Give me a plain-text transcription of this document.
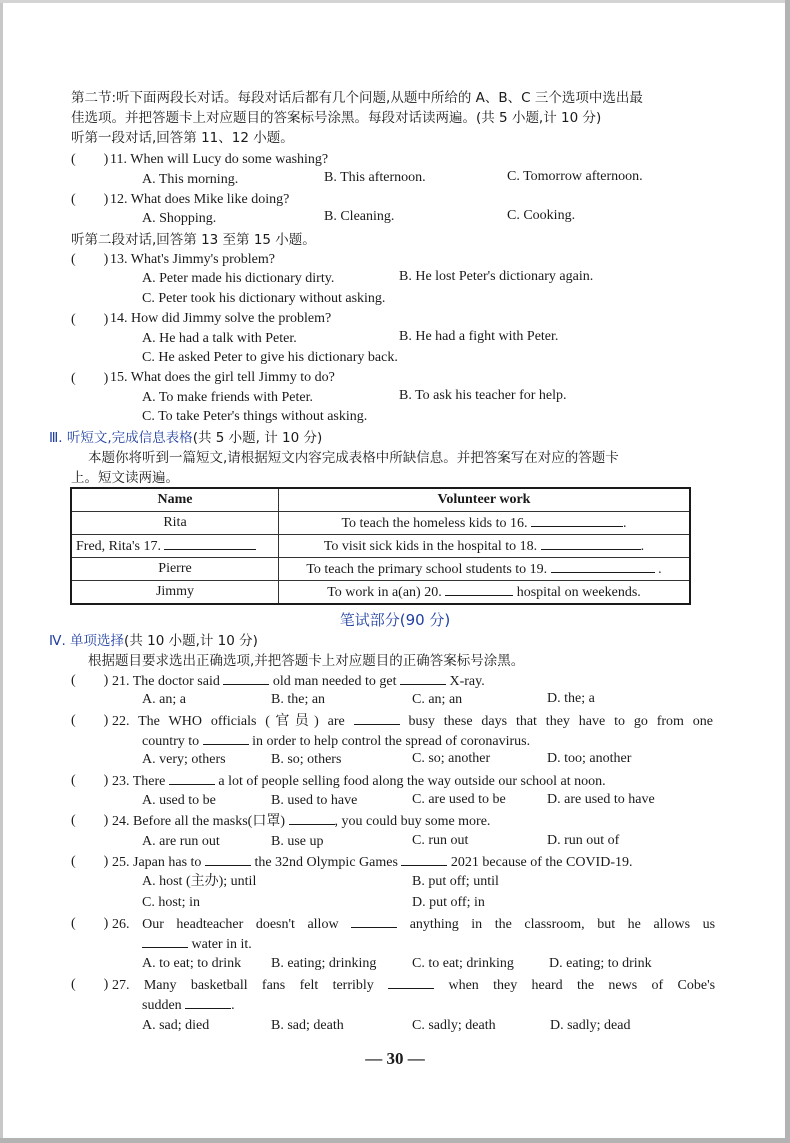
第二节:听下面两段长对话。每段对话后都有几个问题,从题中所给的 A、B、C 三个选项中选出最
佳选项。并把答题卡上对应题目的答案标号涂黑。每段对话读两遍。(共 5 小题,计 10 分)
听第一段对话,回答第 11、12 小题。
(        ) 11. When will Lucy do some washing?
A. This morning.	B. This afternoon.	C. Tomorrow afternoon.
(        ) 12. What does Mike like doing?
A. Shopping.	B. Cleaning.	C. Cooking.
听第二段对话,回答第 13 至第 15 小题。
(        ) 13. What's Jimmy's problem?
A. Peter made his dictionary dirty.	B. He lost Peter's dictionary again.
C. Peter took his dictionary without asking.
(        ) 14. How did Jimmy solve the problem?
A. He had a talk with Peter.	B. He had a fight with Peter.
C. He asked Peter to give his dictionary back.
(        ) 15. What does the girl tell Jimmy to do?
A. To make friends with Peter.	B. To ask his teacher for help.
C. To take Peter's things without asking.
Ⅲ. 听短文,完成信息表格(共 5 小题, 计 10 分)
本题你将听到一篇短文,请根据短文内容完成表格中所缺信息。并把答案写在对应的答题卡
上。短文读两遍。
Name	Volunteer work
Rita	To teach the homeless kids to 16. .
Fred, Rita's 17.	To visit sick kids in the hospital to 18. .
Pierre	To teach the primary school students to 19. .
Jimmy	To work in a(an) 20. hospital on weekends.
笔试部分(90 分)
Ⅳ. 单项选择(共 10 小题,计 10 分)
根据题目要求选出正确选项,并把答题卡上对应题目的正确答案标号涂黑。
(        ) 21. The doctor said	old man needed to get	X-ray.
A. an; a	B. the; an	C. an; an	D. the; a
(        ) 22. The WHO officials (官员) are	busy these days that they have to go from one
country to	in order to help control the spread of coronavirus.
A. very; others	B. so; others	C. so; another	D. too; another
(        ) 23. There	a lot of people selling food along the way outside our school at noon.
A. used to be	B. used to have	C. are used to be	D. are used to have
(        ) 24. Before all the masks(口罩)	, you could buy some more.
A. are run out	B. use up	C. run out	D. run out of
(        ) 25. Japan has to	the 32nd Olympic Games	2021 because of the COVID-19.
A. host (主办); until	B. put off; until
C. host; in	D. put off; in
(        ) 26. Our headteacher doesn't allow	anything in the classroom, but he allows us
water in it.
A. to eat; to drink B. eating; drinking	C. to eat; drinking	D. eating; to drink
(        ) 27. Many basketball fans felt terribly	when they heard the news of Cobe's
sudden	.
A. sad; died	B. sad; death	C. sadly; death	D. sadly; dead
— 30 —
